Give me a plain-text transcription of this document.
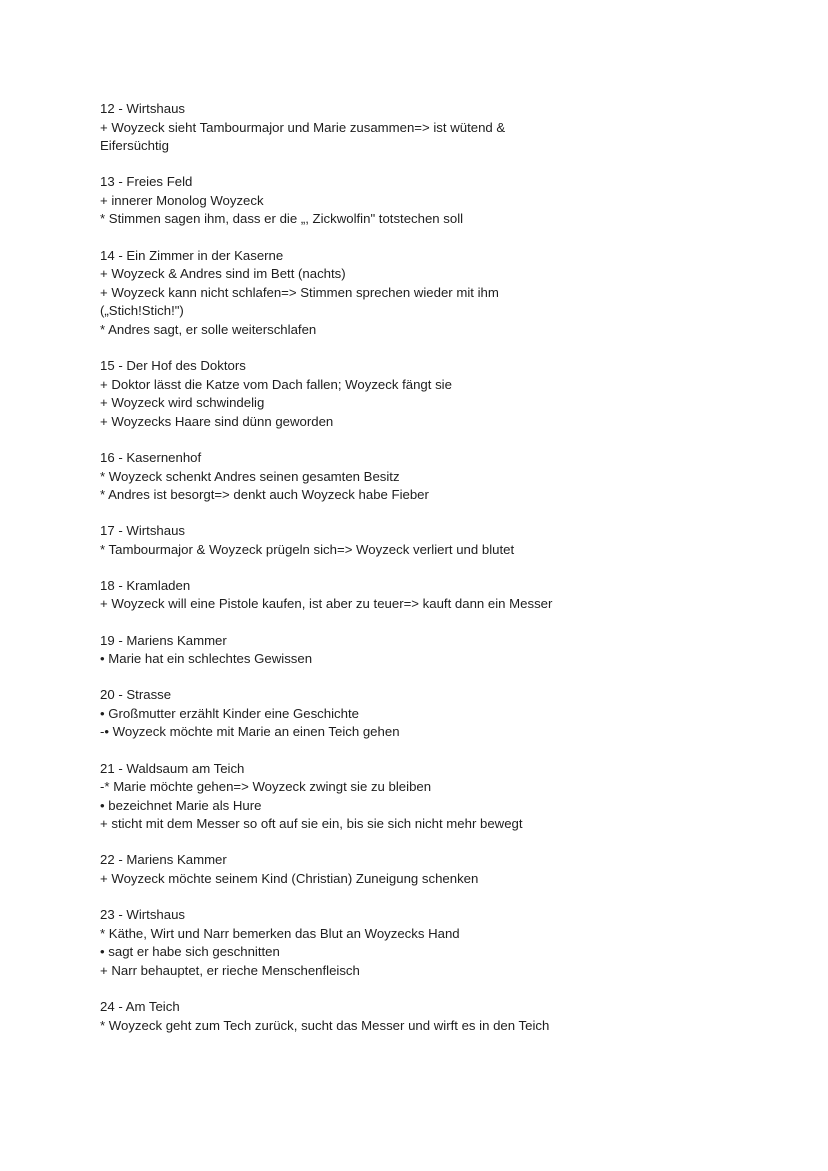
12 - Wirtshaus
+ Woyzeck sieht Tambourmajor und Marie zusammen=> ist wütend & Eifersüchtig
13 - Freies Feld
+ innerer Monolog Woyzeck
* Stimmen sagen ihm, dass er die „, Zickwolfin" totstechen soll
14 - Ein Zimmer in der Kaserne
+ Woyzeck & Andres sind im Bett (nachts)
+ Woyzeck kann nicht schlafen=> Stimmen sprechen wieder mit ihm („Stich!Stich!")
* Andres sagt, er solle weiterschlafen
15 - Der Hof des Doktors
+ Doktor lässt die Katze vom Dach fallen; Woyzeck fängt sie
+ Woyzeck wird schwindelig
+ Woyzecks Haare sind dünn geworden
16 - Kasernenhof
* Woyzeck schenkt Andres seinen gesamten Besitz
* Andres ist besorgt=> denkt auch Woyzeck habe Fieber
17 - Wirtshaus
* Tambourmajor & Woyzeck prügeln sich=> Woyzeck verliert und blutet
18 - Kramladen
+ Woyzeck will eine Pistole kaufen, ist aber zu teuer=> kauft dann ein Messer
19 - Mariens Kammer
• Marie hat ein schlechtes Gewissen
20 - Strasse
• Großmutter erzählt Kinder eine Geschichte
-• Woyzeck möchte mit Marie an einen Teich gehen
21 - Waldsaum am Teich
-* Marie möchte gehen=> Woyzeck zwingt sie zu bleiben
• bezeichnet Marie als Hure
+ sticht mit dem Messer so oft auf sie ein, bis sie sich nicht mehr bewegt
22 - Mariens Kammer
+ Woyzeck möchte seinem Kind (Christian) Zuneigung schenken
23 - Wirtshaus
* Käthe, Wirt und Narr bemerken das Blut an Woyzecks Hand
• sagt er habe sich geschnitten
+ Narr behauptet, er rieche Menschenfleisch
24 - Am Teich
* Woyzeck geht zum Tech zurück, sucht das Messer und wirft es in den Teich
